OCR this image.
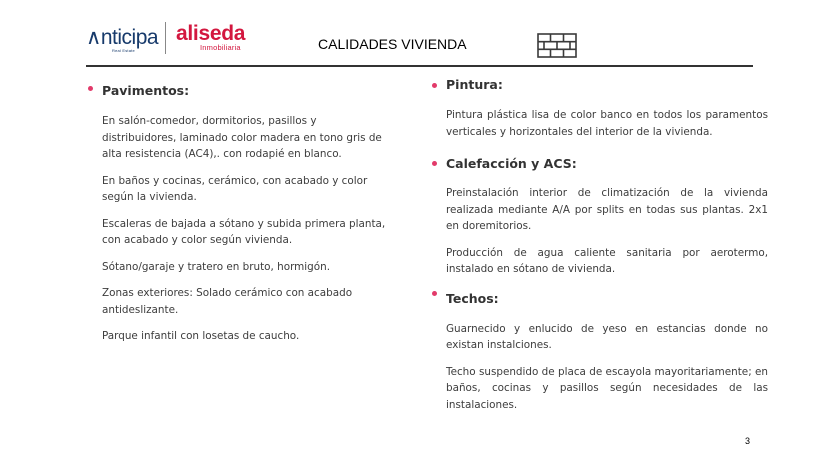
∧nticipa
Real Estate
aliseda
Inmobiliaria	CALIDADES VIVIENDA
Pavimentos:

En salón-comedor, dormitorios, pasillos y distribuidores, laminado color madera en tono gris de alta resistencia (AC4),. con rodapié en blanco.

En baños y cocinas, cerámico, con acabado y color según la vivienda.

Escaleras de bajada a sótano y subida primera planta, con acabado y color según vivienda.

Sótano/garaje y tratero en bruto, hormigón.

Zonas exteriores: Solado cerámico con acabado antideslizante.

Parque infantil con losetas de caucho.

Pintura:

Pintura plástica lisa de color banco en todos los paramentos verticales y horizontales del interior de la vivienda.

Calefacción y ACS:

Preinstalación interior de climatización de la vivienda realizada mediante A/A por splits en todas sus plantas. 2x1 en doremitorios.

Producción de agua caliente sanitaria por aerotermo, instalado en sótano de vivienda.

Techos:

Guarnecido y enlucido de yeso en estancias donde no existan instalciones.

Techo suspendido de placa de escayola mayoritariamente; en baños, cocinas y pasillos según necesidades de las instalaciones.

3
